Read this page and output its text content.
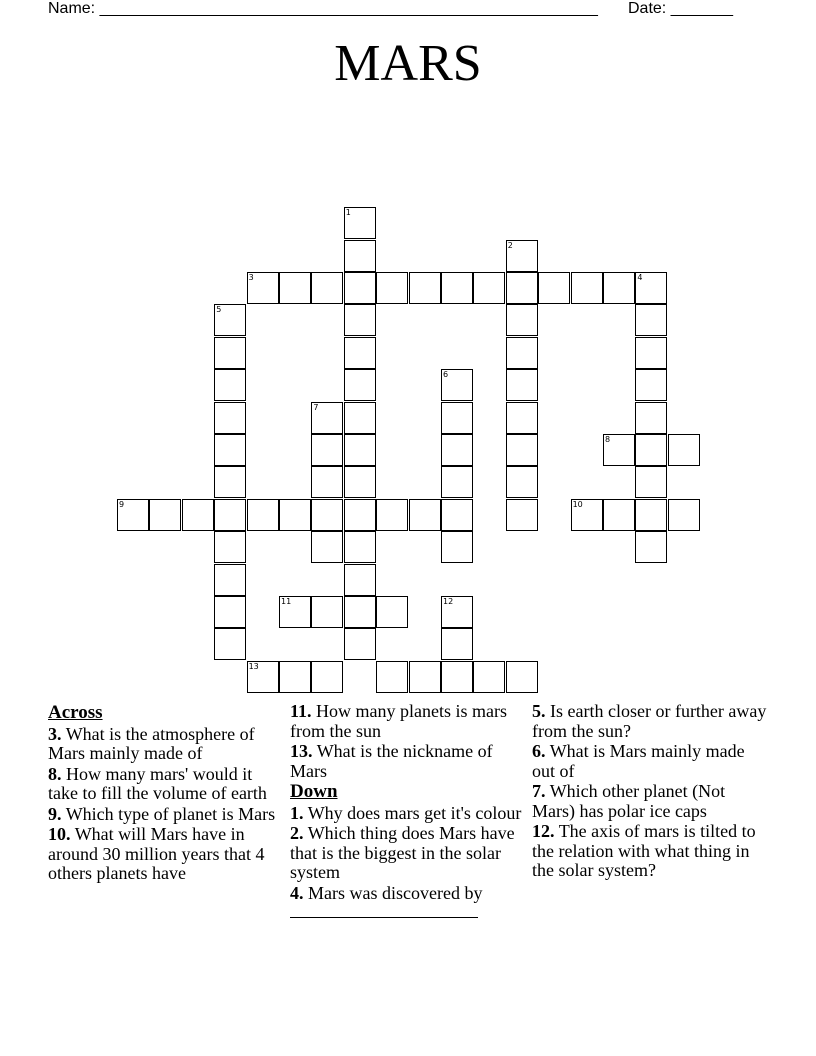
Name: ________________________________________________________ Date: _______
MARS
1
2
3	4
5
6
7
8
9	10
11	12
13
Across
3. What is the atmosphere of Mars mainly made of
8. How many mars' would it take to fill the volume of earth
9. Which type of planet is Mars
10. What will Mars have in around 30 million years that 4 others planets have
11. How many planets is mars from the sun
13. What is the nickname of Mars
Down
1. Why does mars get it's colour
2. Which thing does Mars have that is the biggest in the solar system
4. Mars was discovered by
5. Is earth closer or further away from the sun?
6. What is Mars mainly made out of
7. Which other planet (Not Mars) has polar ice caps
12. The axis of mars is tilted to the relation with what thing in the solar system?
